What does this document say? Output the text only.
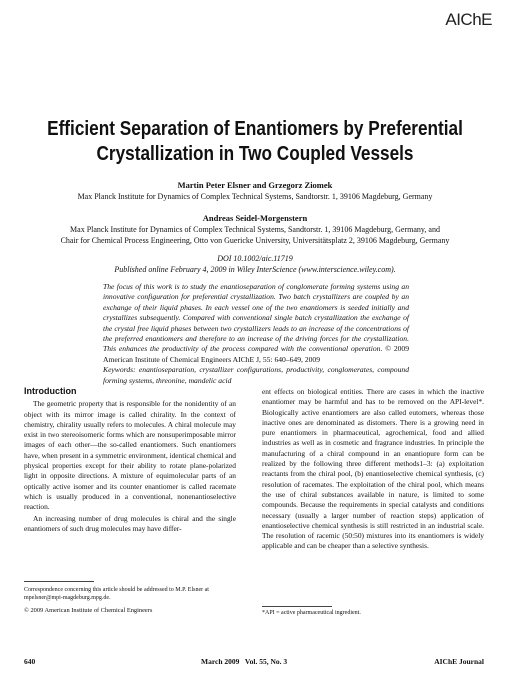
AIChE
Efficient Separation of Enantiomers by Preferential
Crystallization in Two Coupled Vessels
Martin Peter Elsner and Grzegorz Ziomek
Max Planck Institute for Dynamics of Complex Technical Systems, Sandtorstr. 1, 39106 Magdeburg, Germany
Andreas Seidel-Morgenstern
Max Planck Institute for Dynamics of Complex Technical Systems, Sandtorstr. 1, 39106 Magdeburg, Germany, and
Chair for Chemical Process Engineering, Otto von Guericke University, Universitätsplatz 2, 39106 Magdeburg, Germany
DOI 10.1002/aic.11719
Published online February 4, 2009 in Wiley InterScience (www.interscience.wiley.com).
The focus of this work is to study the enantioseparation of conglomerate forming systems using an innovative configuration for preferential crystallization. Two batch crystallizers are coupled by an exchange of their liquid phases. In each vessel one of the two enantiomers is seeded initially and crystallizes subsequently. Compared with conventional single batch crystallization the exchange of the crystal free liquid phases between two crystallizers leads to an increase of the concentrations of the preferred enantiomers and therefore to an increase of the driving forces for the crystallization. This enhances the productivity of the process compared with the conventional operation. © 2009 American Institute of Chemical Engineers AIChE J, 55: 640–649, 2009
Keywords: enantioseparation, crystallizer configurations, productivity, conglomerates, compound forming systems, threonine, mandelic acid
Introduction

The geometric property that is responsible for the nonidentity of an object with its mirror image is called chirality. In the context of chemistry, chirality usually refers to molecules. A chiral molecule may exist in two stereoisomeric forms which are nonsuperimposable mirror images of each other—the so-called enantiomers. Such enantiomers have, when present in a symmetric environment, identical chemical and physical properties except for their ability to rotate plane-polarized light in opposite directions. A mixture of equimolecular parts of an optically active isomer and its counter enantiomer is called racemate which is usually produced in a conventional, nonenantioselective reaction.

An increasing number of drug molecules is chiral and the single enantiomers of such drug molecules may have differ-

ent effects on biological entities. There are cases in which the inactive enantiomer may be harmful and has to be removed on the API-level*. Biologically active enantiomers are also called eutomers, whereas those inactive ones are denominated as distomers. There is a growing need in pure enantiomers in pharmaceutical, agrochemical, food and allied industries as well as in cosmetic and fragrance industries. In principle the manufacturing of a chiral compound in an enantiopure form can be realized by the following three different methods1–3: (a) exploitation reactants from the chiral pool, (b) enantioselective chemical synthesis, (c) resolution of racemates. The exploitation of the chiral pool, which means the use of chiral substances available in nature, is limited to some compounds. Because the requirements in special catalysts and conditions necessary (usually a larger number of reaction steps) application of enantioselective chemical synthesis is still restricted in an industrial scale. The resolution of racemic (50:50) mixtures into its enantiomers is widely applicable and can be cheaper than a selective synthesis.

Correspondence concerning this article should be addressed to M.P. Elsner at mpelsner@mpi-magdeburg.mpg.de.
© 2009 American Institute of Chemical Engineers	*API = active pharmaceutical ingredient.
640	March 2009   Vol. 55, No. 3	AIChE Journal
